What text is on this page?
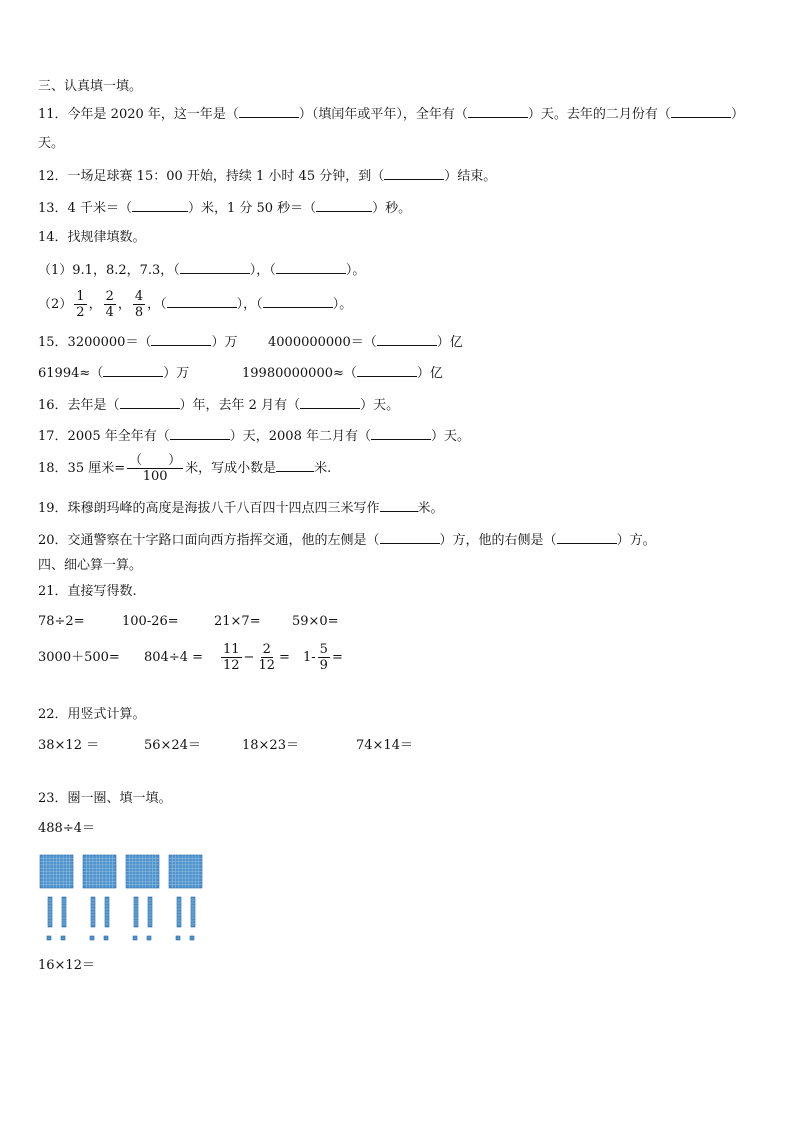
三、认真填一填。
11．今年是 2020 年，这一年是（	）（填闰年或平年），全年有（	）天。去年的二月份有（	）
天。
12．一场足球赛 15：00 开始，持续 1 小时 45 分钟，到（	）结束。
13．4 千米＝（	）米，1 分 50 秒＝（	）秒。
14．找规律填数。
（1）9.1，8.2，7.3，（	），（	）。
$(2) \frac{1}{2}$ ， $\frac{2}{4}$ ， $\frac{4}{8}$ ，（	），（	）。
15．3200000＝（	）万 4000000000＝（	）亿
61994≈（	）万	19980000000≈（	）亿
16．去年是（	）年，去年 2 月有（	）天。
17．2005 年全年有（	）天，2008 年二月有（	）天。
18．35 厘米= $\frac{( )}{100}$ 米，写成小数是	米.
19．珠穆朗玛峰的高度是海拔八千八百四十四点四三米写作	米。
20．交通警察在十字路口面向西方指挥交通，他的左侧是（	）方，他的右侧是（	）方。
四、细心算一算。
21．直接写得数.
78÷2=	100-26=	21×7= 59×0=
$3000+500= 804\div 4 = \frac{11}{12} - \frac{2}{12} = 1- \frac{5}{9}$ =
22．用竖式计算。
38×12 ＝	56×24＝	18×23＝	74×14＝
23．圈一圈、填一填。
488÷4＝
16×12＝
